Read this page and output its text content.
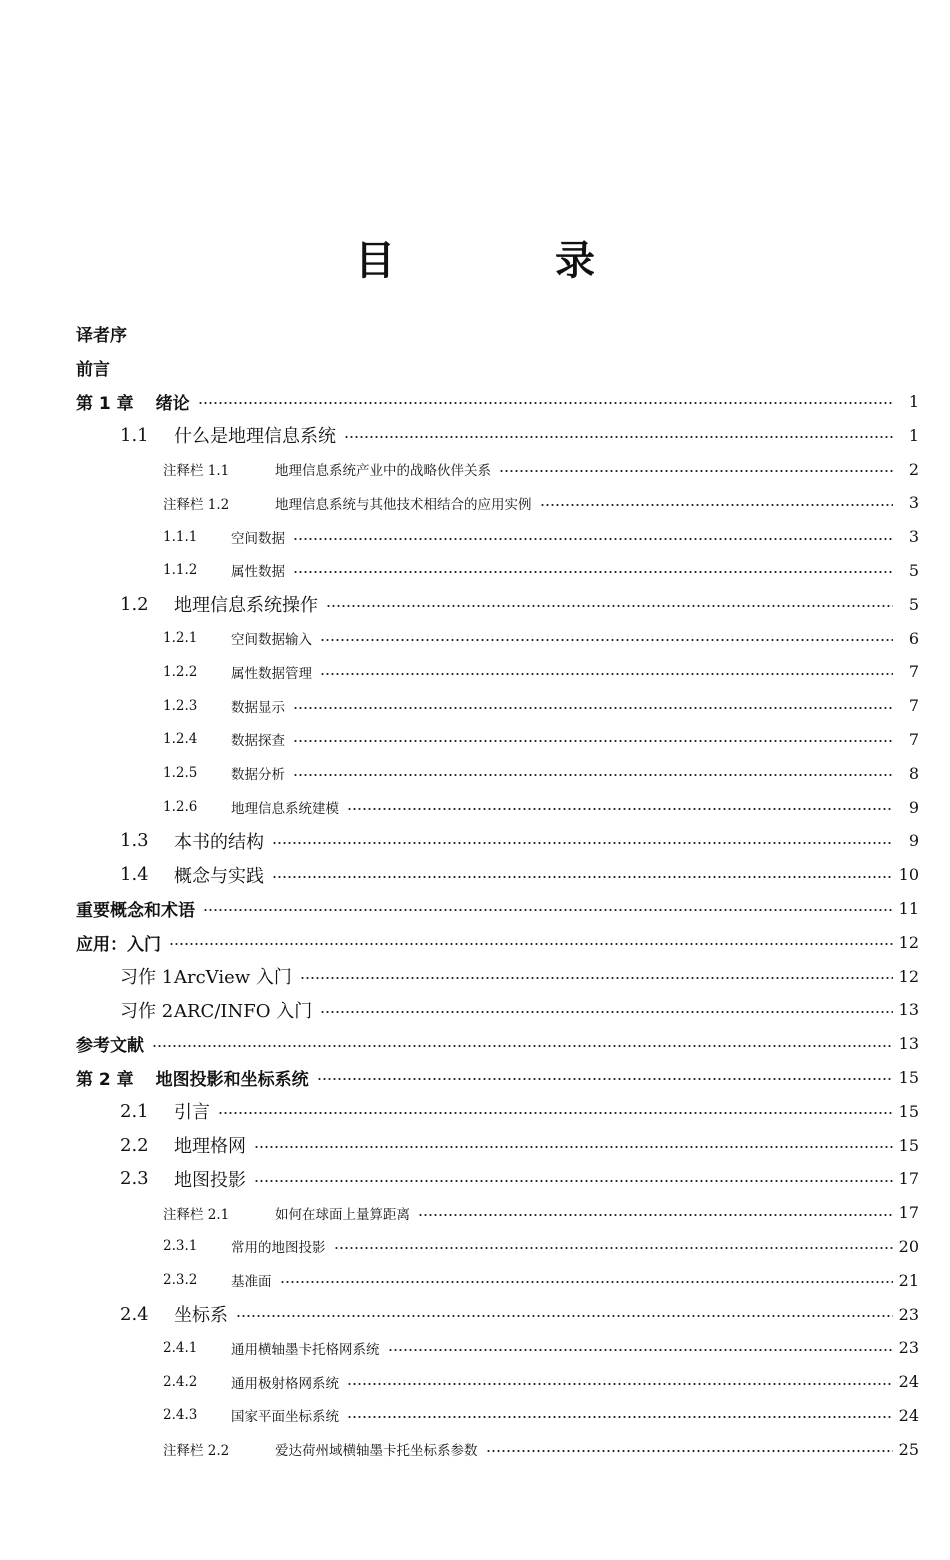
目　录
译者序
前言
第 1 章 绪论	1
1.1	什么是地理信息系统	1
注释栏 1.1	地理信息系统产业中的战略伙伴关系	2
注释栏 1.2	地理信息系统与其他技术相结合的应用实例	3
1.1.1	空间数据	3
1.1.2	属性数据	5
1.2	地理信息系统操作	5
1.2.1	空间数据输入	6
1.2.2	属性数据管理	7
1.2.3	数据显示	7
1.2.4	数据探查	7
1.2.5	数据分析	8
1.2.6	地理信息系统建模	9
1.3	本书的结构	9
1.4	概念与实践	10
重要概念和术语	11
应用：入门	12
习作 1 ArcView 入门	12
习作 2 ARC/INFO 入门	13
参考文献	13
第 2 章 地图投影和坐标系统	15
2.1	引言	15
2.2	地理格网	15
2.3	地图投影	17
注释栏 2.1	如何在球面上量算距离	17
2.3.1	常用的地图投影	20
2.3.2	基准面	21
2.4	坐标系	23
2.4.1	通用横轴墨卡托格网系统	23
2.4.2	通用极射格网系统	24
2.4.3	国家平面坐标系统	24
注释栏 2.2	爱达荷州域横轴墨卡托坐标系参数	25
